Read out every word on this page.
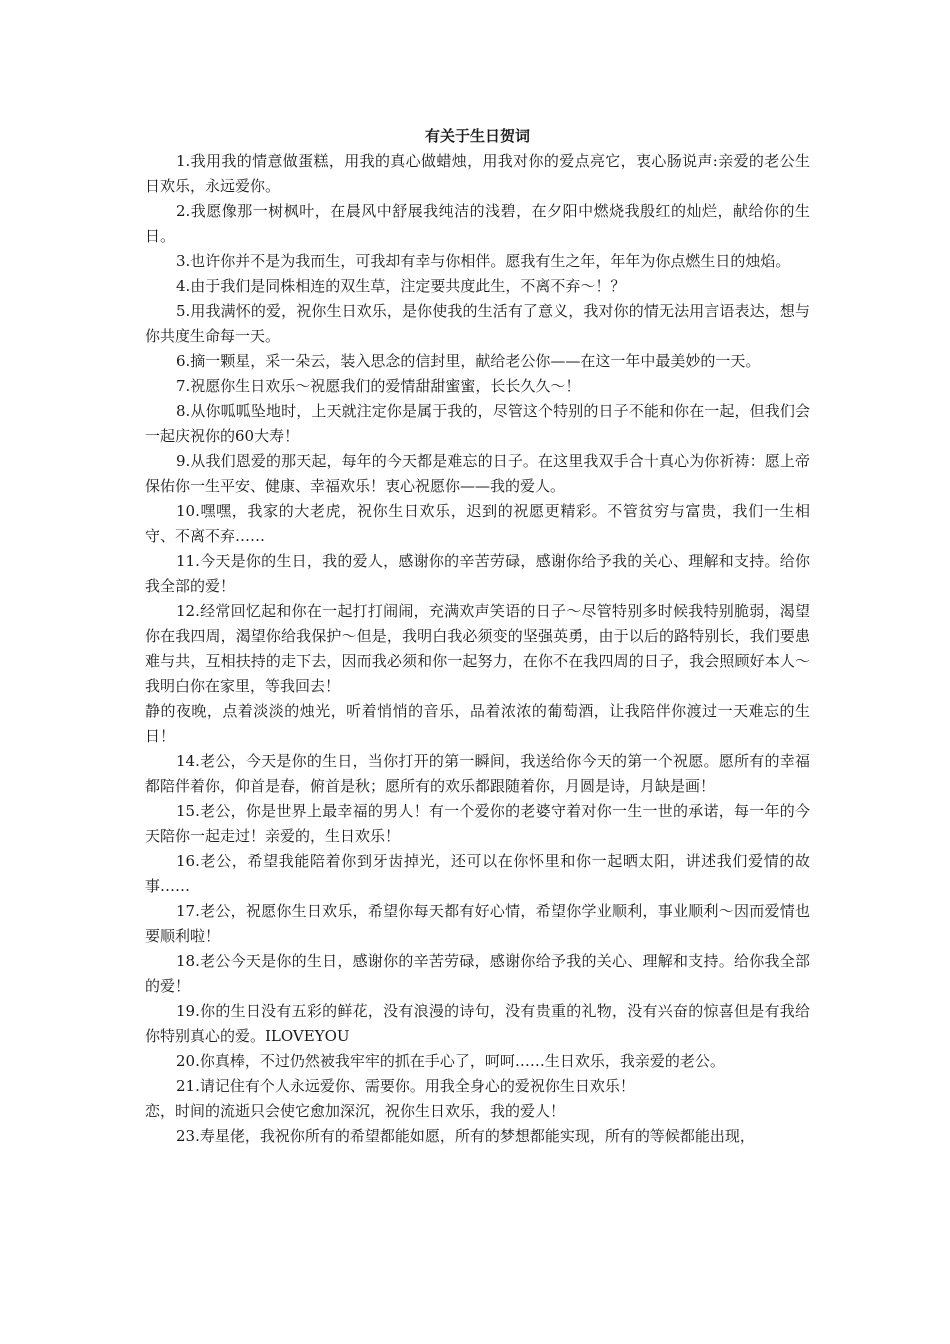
有关于生日贺词

1.我用我的情意做蛋糕，用我的真心做蜡烛，用我对你的爱点亮它，衷心肠说声:亲爱的老公生日欢乐，永远爱你。

2.我愿像那一树枫叶，在晨风中舒展我纯洁的浅碧，在夕阳中燃烧我殷红的灿烂，献给你的生日。

3.也许你并不是为我而生，可我却有幸与你相伴。愿我有生之年，年年为你点燃生日的烛焰。

4.由于我们是同株相连的双生草，注定要共度此生，不离不弃～！？

5.用我满怀的爱，祝你生日欢乐，是你使我的生活有了意义，我对你的情无法用言语表达，想与你共度生命每一天。

6.摘一颗星，采一朵云，装入思念的信封里，献给老公你——在这一年中最美妙的一天。

7.祝愿你生日欢乐～祝愿我们的爱情甜甜蜜蜜，长长久久～！

8.从你呱呱坠地时，上天就注定你是属于我的，尽管这个特别的日子不能和你在一起，但我们会一起庆祝你的60大寿！

9.从我们恩爱的那天起，每年的今天都是难忘的日子。在这里我双手合十真心为你祈祷：愿上帝保佑你一生平安、健康、幸福欢乐！衷心祝愿你——我的爱人。

10.嘿嘿，我家的大老虎，祝你生日欢乐，迟到的祝愿更精彩。不管贫穷与富贵，我们一生相守、不离不弃……

11.今天是你的生日，我的爱人，感谢你的辛苦劳碌，感谢你给予我的关心、理解和支持。给你我全部的爱！

12.经常回忆起和你在一起打打闹闹，充满欢声笑语的日子～尽管特别多时候我特别脆弱，渴望你在我四周，渴望你给我保护～但是，我明白我必须变的坚强英勇，由于以后的路特别长，我们要患难与共，互相扶持的走下去，因而我必须和你一起努力，在你不在我四周的日子，我会照顾好本人～我明白你在家里，等我回去！

静的夜晚，点着淡淡的烛光，听着悄悄的音乐，品着浓浓的葡萄酒，让我陪伴你渡过一天难忘的生日！

14.老公，今天是你的生日，当你打开的第一瞬间，我送给你今天的第一个祝愿。愿所有的幸福都陪伴着你，仰首是春，俯首是秋；愿所有的欢乐都跟随着你，月圆是诗，月缺是画！

15.老公，你是世界上最幸福的男人！有一个爱你的老婆守着对你一生一世的承诺，每一年的今天陪你一起走过！亲爱的，生日欢乐！

16.老公，希望我能陪着你到牙齿掉光，还可以在你怀里和你一起晒太阳，讲述我们爱情的故事……

17.老公，祝愿你生日欢乐，希望你每天都有好心情，希望你学业顺利，事业顺利～因而爱情也要顺利啦！

18.老公今天是你的生日，感谢你的辛苦劳碌，感谢你给予我的关心、理解和支持。给你我全部的爱！

19.你的生日没有五彩的鲜花，没有浪漫的诗句，没有贵重的礼物，没有兴奋的惊喜但是有我给你特别真心的爱。ILOVEYOU

20.你真棒，不过仍然被我牢牢的抓在手心了，呵呵……生日欢乐，我亲爱的老公。

21.请记住有个人永远爱你、需要你。用我全身心的爱祝你生日欢乐！

恋，时间的流逝只会使它愈加深沉，祝你生日欢乐，我的爱人！

23.寿星佬，我祝你所有的希望都能如愿，所有的梦想都能实现，所有的等候都能出现，
